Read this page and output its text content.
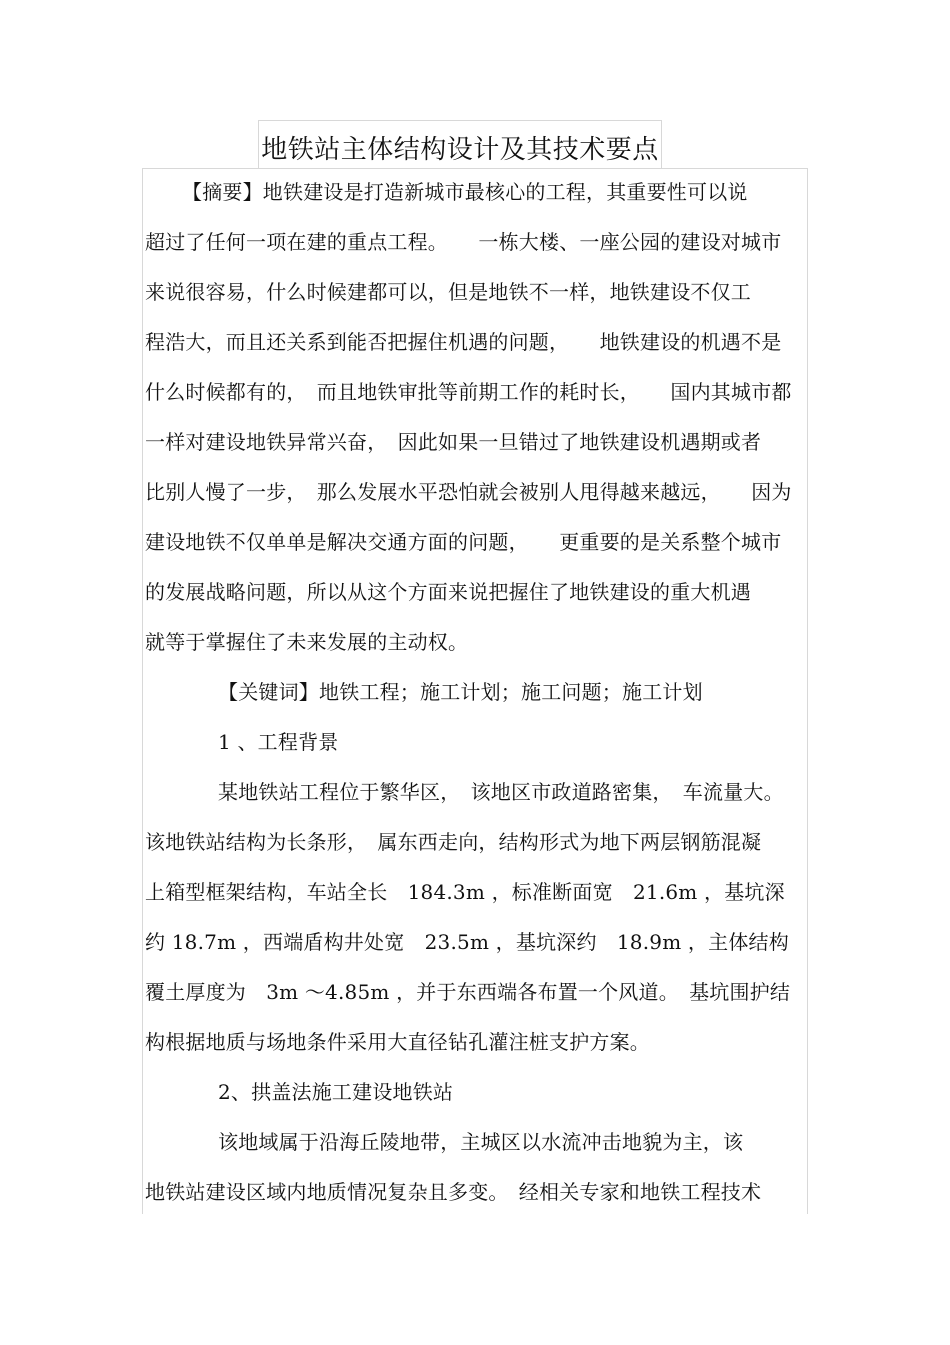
地铁站主体结构设计及其技术要点
【摘要】地铁建设是打造新城市最核心的工程，其重要性可以说
超过了任何一项在建的重点工程。　　一栋大楼、一座公园的建设对城市
来说很容易，什么时候建都可以，但是地铁不一样，地铁建设不仅工
程浩大，而且还关系到能否把握住机遇的问题，　　地铁建设的机遇不是
什么时候都有的，　而且地铁审批等前期工作的耗时长，　　国内其城市都
一样对建设地铁异常兴奋，　因此如果一旦错过了地铁建设机遇期或者
比别人慢了一步，　那么发展水平恐怕就会被别人甩得越来越远，　　因为
建设地铁不仅单单是解决交通方面的问题，　　更重要的是关系整个城市
的发展战略问题，所以从这个方面来说把握住了地铁建设的重大机遇
就等于掌握住了未来发展的主动权。
【关键词】地铁工程；施工计划；施工问题；施工计划
1 、工程背景
某地铁站工程位于繁华区，　该地区市政道路密集，　车流量大。
该地铁站结构为长条形，　属东西走向，结构形式为地下两层钢筋混凝
上箱型框架结构，车站全长　184.3m ，标准断面宽　21.6m ，基坑深
约 18.7m ，西端盾构井处宽　23.5m ，基坑深约　18.9m ，主体结构
覆土厚度为　3m ～4.85m ，并于东西端各布置一个风道。　基坑围护结
构根据地质与场地条件采用大直径钻孔灌注桩支护方案。
2、拱盖法施工建设地铁站
该地域属于沿海丘陵地带，主城区以水流冲击地貌为主，该
地铁站建设区域内地质情况复杂且多变。　经相关专家和地铁工程技术
